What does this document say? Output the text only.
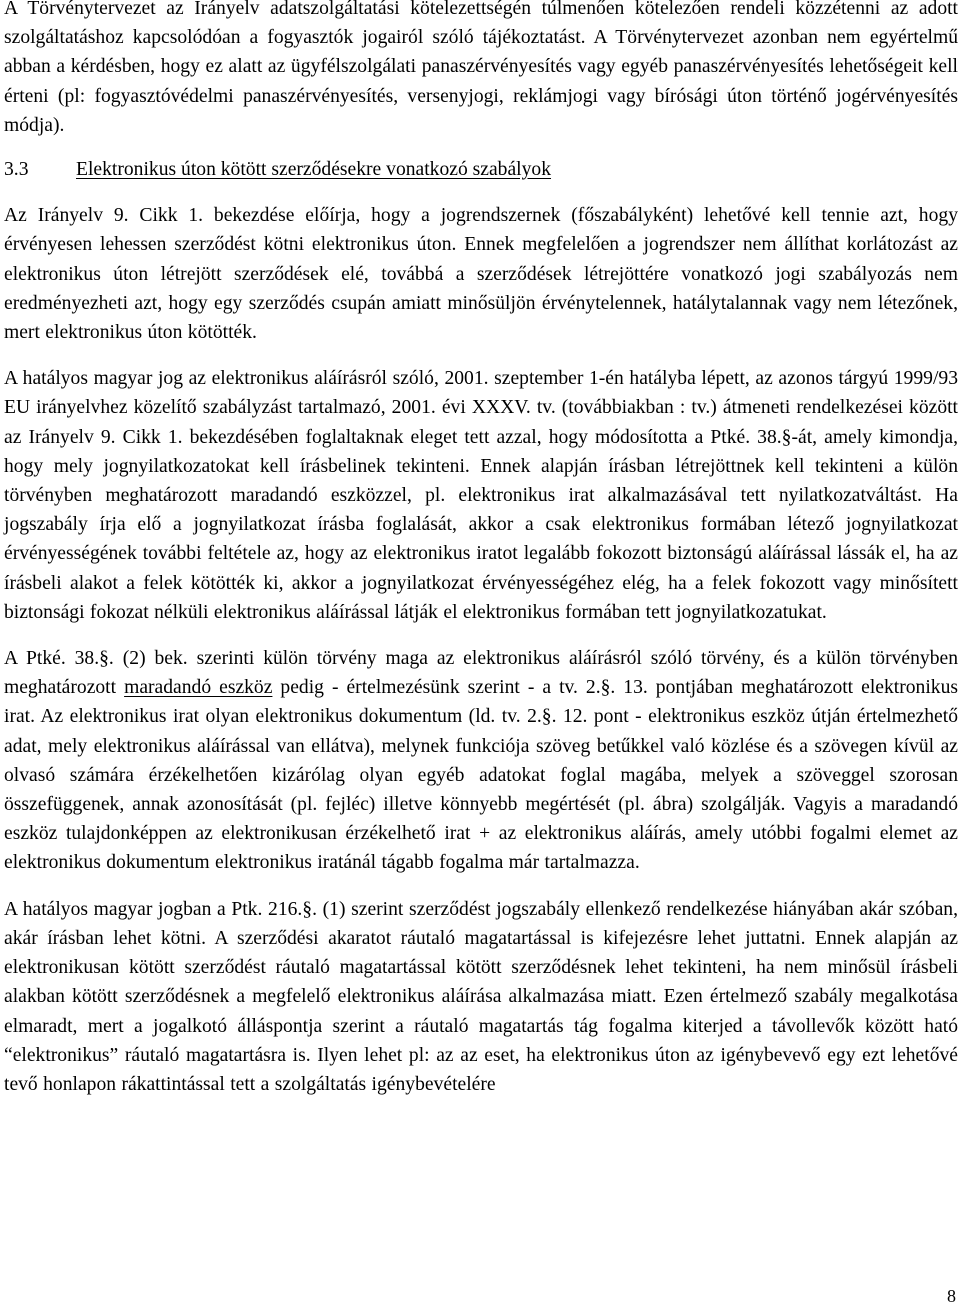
A Törvénytervezet az Irányelv adatszolgáltatási kötelezettségén túlmenően kötelezően rendeli közzétenni az adott szolgáltatáshoz kapcsolódóan a fogyasztók jogairól szóló tájékoztatást. A Törvénytervezet azonban nem egyértelmű abban a kérdésben, hogy ez alatt az ügyfélszolgálati panaszérvényesítés vagy egyéb panaszérvényesítés lehetőségeit kell érteni (pl: fogyasztóvédelmi panaszérvényesítés, versenyjogi, reklámjogi vagy bírósági úton történő jogérvényesítés módja).

3.3	Elektronikus úton kötött szerződésekre vonatkozó szabályok

Az Irányelv 9. Cikk 1. bekezdése előírja, hogy a jogrendszernek (főszabályként) lehetővé kell tennie azt, hogy érvényesen lehessen szerződést kötni elektronikus úton. Ennek megfelelően a jogrendszer nem állíthat korlátozást az elektronikus úton létrejött szerződések elé, továbbá a szerződések létrejöttére vonatkozó jogi szabályozás nem eredményezheti azt, hogy egy szerződés csupán amiatt minősüljön érvénytelennek, hatálytalannak vagy nem létezőnek, mert elektronikus úton kötötték.

A hatályos magyar jog az elektronikus aláírásról szóló, 2001. szeptember 1-én hatályba lépett, az azonos tárgyú 1999/93 EU irányelvhez közelítő szabályzást tartalmazó, 2001. évi XXXV. tv. (továbbiakban : tv.) átmeneti rendelkezései között az Irányelv 9. Cikk 1. bekezdésében foglaltaknak eleget tett azzal, hogy módosította a Ptké. 38.§-át, amely kimondja, hogy mely jognyilatkozatokat kell írásbelinek tekinteni. Ennek alapján írásban létrejöttnek kell tekinteni a külön törvényben meghatározott maradandó eszközzel, pl. elektronikus irat alkalmazásával tett nyilatkozatváltást. Ha jogszabály írja elő a jognyilatkozat írásba foglalását, akkor a csak elektronikus formában létező jognyilatkozat érvényességének további feltétele az, hogy az elektronikus iratot legalább fokozott biztonságú aláírással lássák el, ha az írásbeli alakot a felek kötötték ki, akkor a jognyilatkozat érvényességéhez elég, ha a felek fokozott vagy minősített biztonsági fokozat nélküli elektronikus aláírással látják el elektronikus formában tett jognyilatkozatukat.

A Ptké. 38.§. (2) bek. szerinti külön törvény maga az elektronikus aláírásról szóló törvény, és a külön törvényben meghatározott maradandó eszköz pedig - értelmezésünk szerint - a tv. 2.§. 13. pontjában meghatározott elektronikus irat. Az elektronikus irat olyan elektronikus dokumentum (ld. tv. 2.§. 12. pont - elektronikus eszköz útján értelmezhető adat, mely elektronikus aláírással van ellátva), melynek funkciója szöveg betűkkel való közlése és a szövegen kívül az olvasó számára érzékelhetően kizárólag olyan egyéb adatokat foglal magába, melyek a szöveggel szorosan összefüggenek, annak azonosítását (pl. fejléc) illetve könnyebb megértését (pl. ábra) szolgálják. Vagyis a maradandó eszköz tulajdonképpen az elektronikusan érzékelhető irat + az elektronikus aláírás, amely utóbbi fogalmi elemet az elektronikus dokumentum elektronikus iratánál tágabb fogalma már tartalmazza.

A hatályos magyar jogban a Ptk. 216.§. (1) szerint szerződést jogszabály ellenkező rendelkezése hiányában akár szóban, akár írásban lehet kötni. A szerződési akaratot ráutaló magatartással is kifejezésre lehet juttatni. Ennek alapján az elektronikusan kötött szerződést ráutaló magatartással kötött szerződésnek lehet tekinteni, ha nem minősül írásbeli alakban kötött szerződésnek a megfelelő elektronikus aláírása alkalmazása miatt. Ezen értelmező szabály megalkotása elmaradt, mert a jogalkotó álláspontja szerint a ráutaló magatartás tág fogalma kiterjed a távollevők között ható “elektronikus” ráutaló magatartásra is. Ilyen lehet pl: az az eset, ha elektronikus úton az igénybevevő egy ezt lehetővé tevő honlapon rákattintással tett a szolgáltatás igénybevételére

8
